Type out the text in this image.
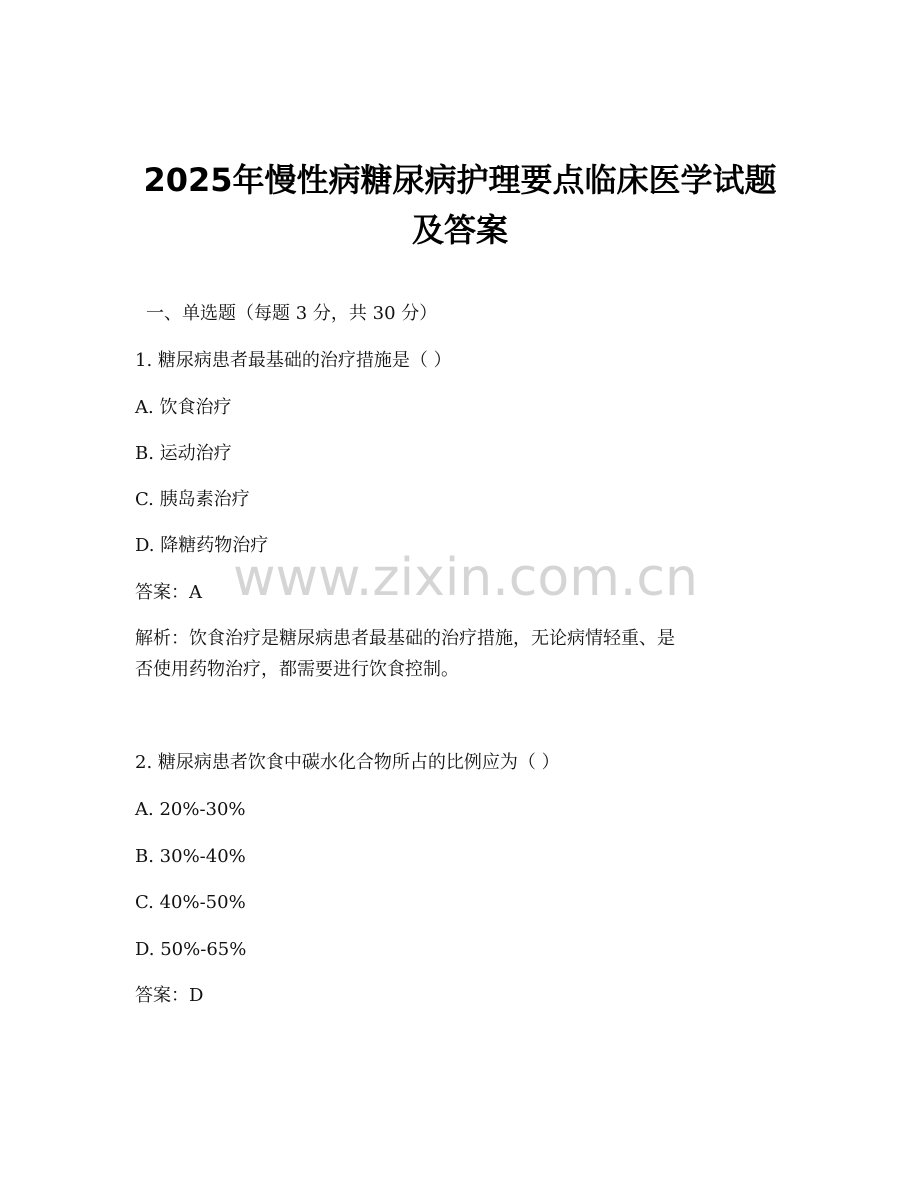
2025年慢性病糖尿病护理要点临床医学试题
及答案
一、单选题（每题 3 分，共 30 分）
1. 糖尿病患者最基础的治疗措施是（ ）
A. 饮食治疗
B. 运动治疗
C. 胰岛素治疗
D. 降糖药物治疗
答案：A
解析：饮食治疗是糖尿病患者最基础的治疗措施，无论病情轻重、是
否使用药物治疗，都需要进行饮食控制。
2. 糖尿病患者饮食中碳水化合物所占的比例应为（ ）
A. 20%-30%
B. 30%-40%
C. 40%-50%
D. 50%-65%
答案：D
www.zixin.com.cn
